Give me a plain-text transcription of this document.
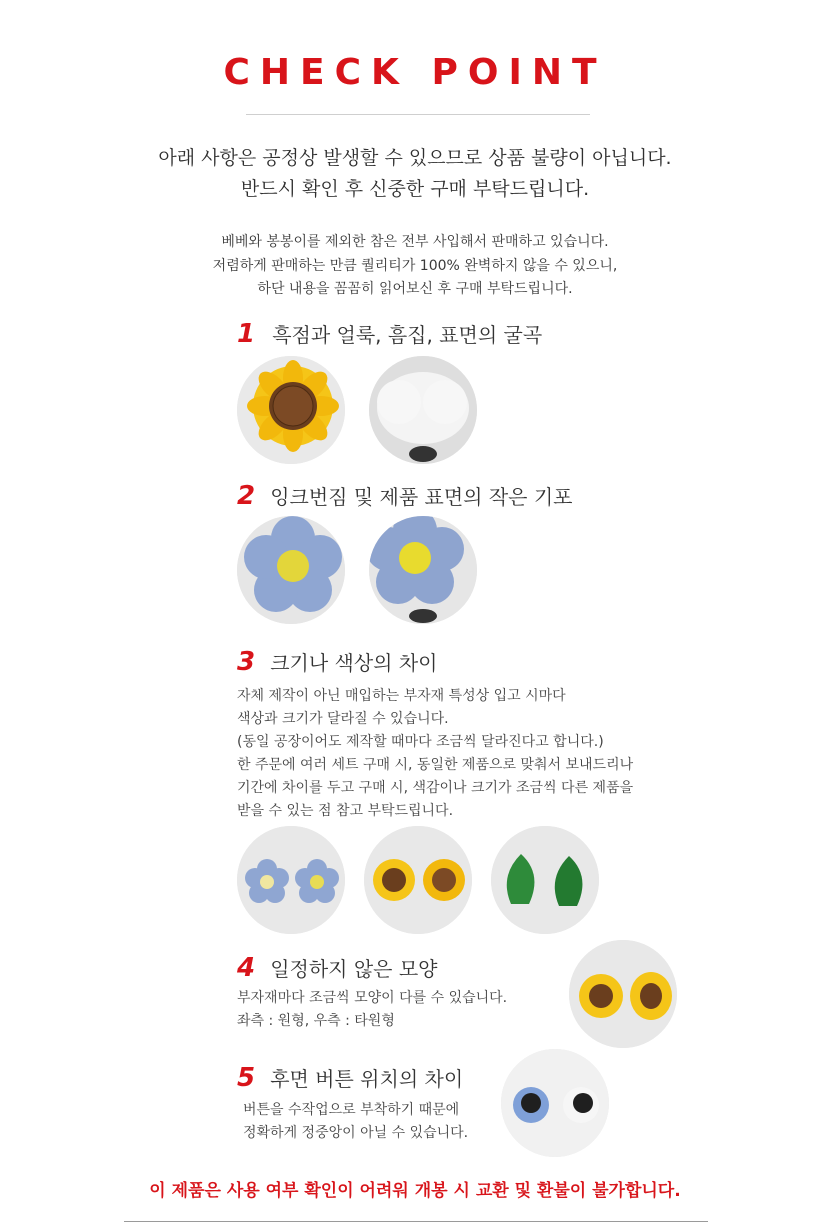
CHECK POINT
아래 사항은 공정상 발생할 수 있으므로 상품 불량이 아닙니다.
반드시 확인 후 신중한 구매 부탁드립니다.
베베와 봉봉이를 제외한 참은 전부 사입해서 판매하고 있습니다.
저렴하게 판매하는 만큼 퀄리티가 100% 완벽하지 않을 수 있으니,
하단 내용을 꼼꼼히 읽어보신 후 구매 부탁드립니다.
1 흑점과 얼룩, 흠집, 표면의 굴곡
2 잉크번짐 및 제품 표면의 작은 기포
3 크기나 색상의 차이
자체 제작이 아닌 매입하는 부자재 특성상 입고 시마다
색상과 크기가 달라질 수 있습니다.
(동일 공장이어도 제작할 때마다 조금씩 달라진다고 합니다.)
한 주문에 여러 세트 구매 시, 동일한 제품으로 맞춰서 보내드리나
기간에 차이를 두고 구매 시, 색감이나 크기가 조금씩 다른 제품을
받을 수 있는 점 참고 부탁드립니다.
4 일정하지 않은 모양
부자재마다 조금씩 모양이 다를 수 있습니다.
좌측 : 원형, 우측 : 타원형
5 후면 버튼 위치의 차이
버튼을 수작업으로 부착하기 때문에
정확하게 정중앙이 아닐 수 있습니다.
이 제품은 사용 여부 확인이 어려워 개봉 시 교환 및 환불이 불가합니다.
